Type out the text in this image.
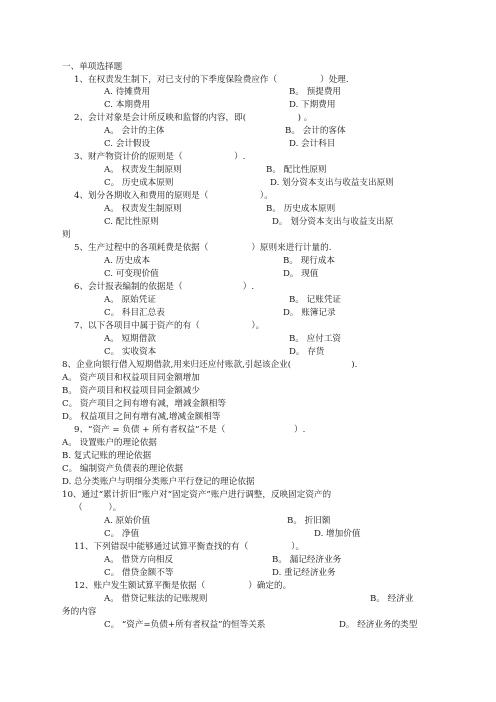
一、单项选择题
1、在权责发生制下，对已支付的下季度保险费应作（　　　　　）处理.
A. 待摊费用	B。 预提费用
C. 本期费用	D. 下期费用
2、会计对象是会计所反映和监督的内容，即(　　　　　　) 。
A。 会计的主体	B。 会计的客体
C. 会计假设	D. 会计科目
3、财产物资计价的原则是（　　　　　　）.
A。 权责发生制原则	B。 配比性原则
C。 历史成本原则	D. 划分资本支出与收益支出原则
4、划分各期收入和费用的原则是（　　　　　　）。
A。 权责发生制原则	B。 历史成本原则
C. 配比性原则	D。 划分资本支出与收益支出原
则
5、生产过程中的各项耗费是依据（　　　　　）原则来进行计量的.
A. 历史成本	B。 现行成本
C. 可变现价值	D。 现值
6、会计报表编制的依据是（　　　　　　　）.
A。 原始凭证	B。 记账凭证
C。 科目汇总表	D。 账簿记录
7、以下各项目中属于资产的有（　　　　　　）。
A。 短期借款	B。 应付工资
C。 实收资本	D。 存货
8、企业向银行借入短期借款,用来归还应付账款,引起该企业(　　　　　　　).
A。 资产项目和权益项目同金额增加
B。 资产项目和权益项目同金额减少
C。 资产项目之间有增有减，增减金额相等
D。 权益项目之间有增有减,增减金额相等
9、“资产 = 负债 + 所有者权益”不是（　　　　　　　　）.
A。 设置账户的理论依据
B. 复式记账的理论依据
C。 编制资产负债表的理论依据
D. 总分类账户与明细分类账户平行登记的理论依据
10、通过“累计折旧”账户对“固定资产”账户进行调整，反映固定资产的
（　　　）。
A. 原始价值	B。 折旧额
C。 净值	D. 增加价值
11、下列错误中能够通过试算平衡查找的有（　　　　　）。
A。 借贷方向相反	B。 漏记经济业务
C。 借贷金额不等	D. 重记经济业务
12、账户发生额试算平衡是依据（　　　　　）确定的。
A。 借贷记账法的记账规则	B。 经济业
务的内容
C。 “资产=负债+所有者权益”的恒等关系	D。 经济业务的类型
